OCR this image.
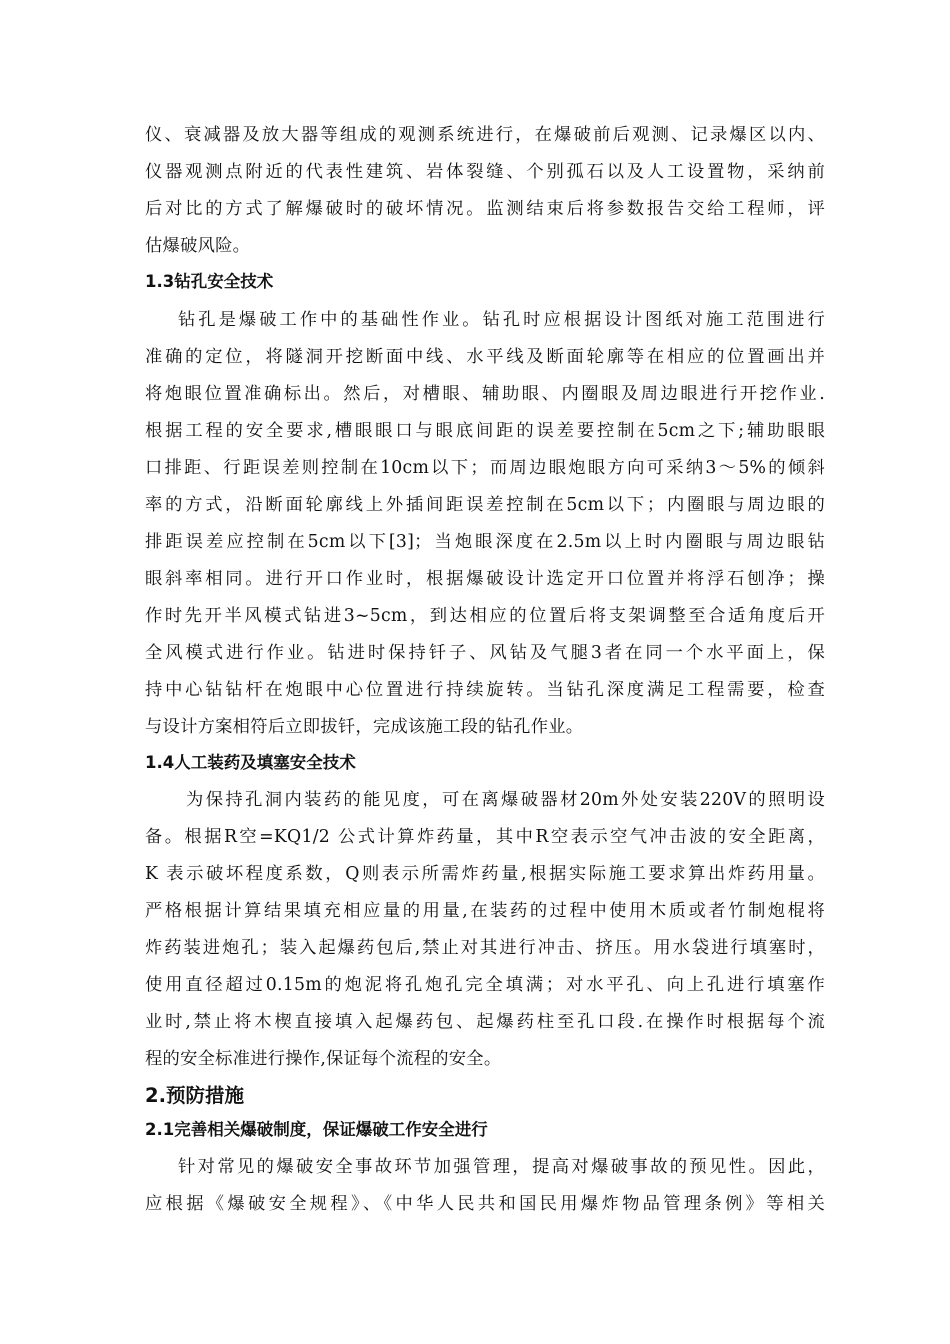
仪、衰减器及放大器等组成的观测系统进行，在爆破前后观测、记录爆区以内、
仪器观测点附近的代表性建筑、岩体裂缝、个别孤石以及人工设置物，采纳前
后对比的方式了解爆破时的破坏情况。监测结束后将参数报告交给工程师，评
估爆破风险。
1.3钻孔安全技术
钻孔是爆破工作中的基础性作业。钻孔时应根据设计图纸对施工范围进行
准确的定位，将隧洞开挖断面中线、水平线及断面轮廓等在相应的位置画出并
将炮眼位置准确标出。然后，对槽眼、辅助眼、内圈眼及周边眼进行开挖作业.
根据工程的安全要求,槽眼眼口与眼底间距的误差要控制在5cm之下;辅助眼眼
口排距、行距误差则控制在10cm以下；而周边眼炮眼方向可采纳3～5%的倾斜
率的方式，沿断面轮廓线上外插间距误差控制在5cm以下；内圈眼与周边眼的
排距误差应控制在5cm以下[3]；当炮眼深度在2.5m以上时内圈眼与周边眼钻
眼斜率相同。进行开口作业时，根据爆破设计选定开口位置并将浮石刨净；操
作时先开半风模式钻进3~5cm，到达相应的位置后将支架调整至合适角度后开
全风模式进行作业。钻进时保持钎子、风钻及气腿3者在同一个水平面上，保
持中心钻钻杆在炮眼中心位置进行持续旋转。当钻孔深度满足工程需要，检查
与设计方案相符后立即拔钎，完成该施工段的钻孔作业。
1.4人工装药及填塞安全技术
为保持孔洞内装药的能见度，可在离爆破器材20m外处安装220V的照明设
备。根据R空=KQ1/2 公式计算炸药量，其中R空表示空气冲击波的安全距离，
K 表示破坏程度系数，Q则表示所需炸药量,根据实际施工要求算出炸药用量。
严格根据计算结果填充相应量的用量,在装药的过程中使用木质或者竹制炮棍将
炸药装进炮孔；装入起爆药包后,禁止对其进行冲击、挤压。用水袋进行填塞时，
使用直径超过0.15m的炮泥将孔炮孔完全填满；对水平孔、向上孔进行填塞作
业时,禁止将木楔直接填入起爆药包、起爆药柱至孔口段.在操作时根据每个流
程的安全标准进行操作,保证每个流程的安全。
2.预防措施
2.1完善相关爆破制度，保证爆破工作安全进行
针对常见的爆破安全事故环节加强管理，提高对爆破事故的预见性。因此，
应根据《爆破安全规程》、《中华人民共和国民用爆炸物品管理条例》等相关
